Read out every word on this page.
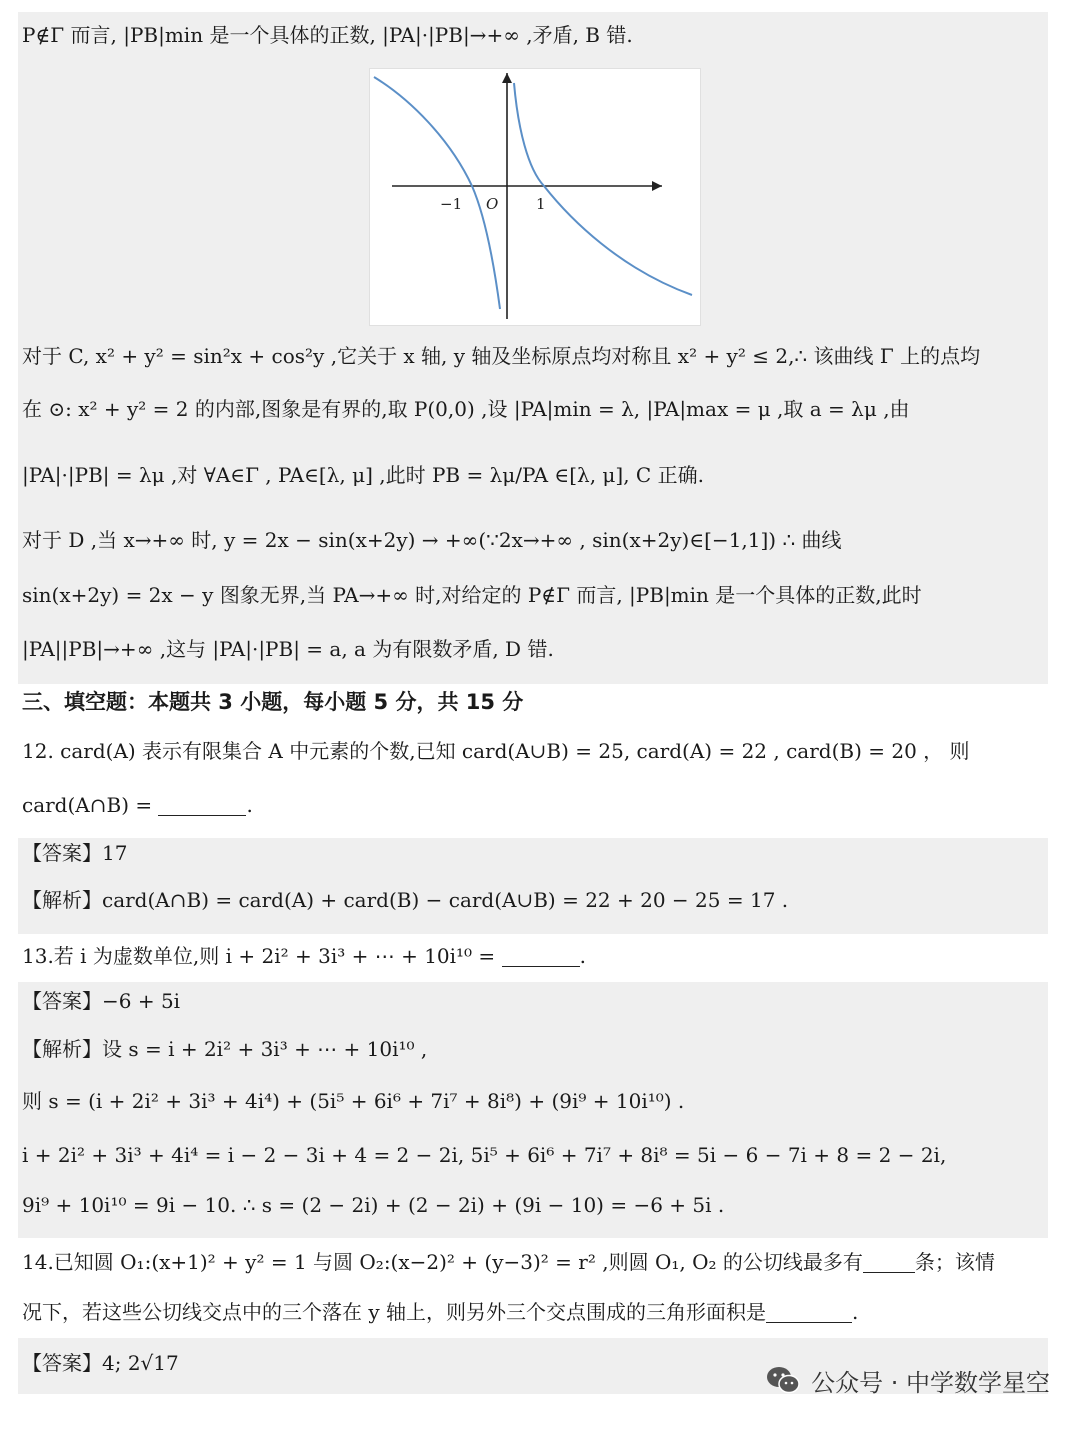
P∉Γ 而言, |PB|min 是一个具体的正数, |PA|·|PB|→+∞ ,矛盾, B 错.
−1 O	1
对于 C, x² + y² = sin²x + cos²y ,它关于 x 轴, y 轴及坐标原点均对称且 x² + y² ≤ 2,∴ 该曲线 Γ 上的点均
在 ⊙: x² + y² = 2 的内部,图象是有界的,取 P(0,0) ,设 |PA|min = λ, |PA|max = μ ,取 a = λμ ,由
|PA|·|PB| = λμ ,对 ∀A∈Γ , PA∈[λ, μ] ,此时 PB = λμ/PA ∈[λ, μ], C 正确.
对于 D ,当 x→+∞ 时, y = 2x − sin(x+2y) → +∞(∵2x→+∞ , sin(x+2y)∈[−1,1]) ∴ 曲线
sin(x+2y) = 2x − y 图象无界,当 PA→+∞ 时,对给定的 P∉Γ 而言, |PB|min 是一个具体的正数,此时
|PA||PB|→+∞ ,这与 |PA|·|PB| = a, a 为有限数矛盾, D 错.
三、填空题：本题共 3 小题，每小题 5 分，共 15 分
12. card(A) 表示有限集合 A 中元素的个数,已知 card(A∪B) = 25, card(A) = 22 , card(B) = 20 ， 则
card(A∩B) =	.
【答案】17
【解析】card(A∩B) = card(A) + card(B) − card(A∪B) = 22 + 20 − 25 = 17 .
13.若 i 为虚数单位,则 i + 2i² + 3i³ + ⋯ + 10i¹⁰ =	.
【答案】−6 + 5i
【解析】设 s = i + 2i² + 3i³ + ⋯ + 10i¹⁰ ,
则 s = (i + 2i² + 3i³ + 4i⁴) + (5i⁵ + 6i⁶ + 7i⁷ + 8i⁸) + (9i⁹ + 10i¹⁰) .
i + 2i² + 3i³ + 4i⁴ = i − 2 − 3i + 4 = 2 − 2i, 5i⁵ + 6i⁶ + 7i⁷ + 8i⁸ = 5i − 6 − 7i + 8 = 2 − 2i,
9i⁹ + 10i¹⁰ = 9i − 10. ∴ s = (2 − 2i) + (2 − 2i) + (9i − 10) = −6 + 5i .
14.已知圆 O₁:(x+1)² + y² = 1 与圆 O₂:(x−2)² + (y−3)² = r² ,则圆 O₁, O₂ 的公切线最多有	条；该情
况下，若这些公切线交点中的三个落在 y 轴上，则另外三个交点围成的三角形面积是	.
【答案】4; 2√17
公众号 · 中学数学星空
